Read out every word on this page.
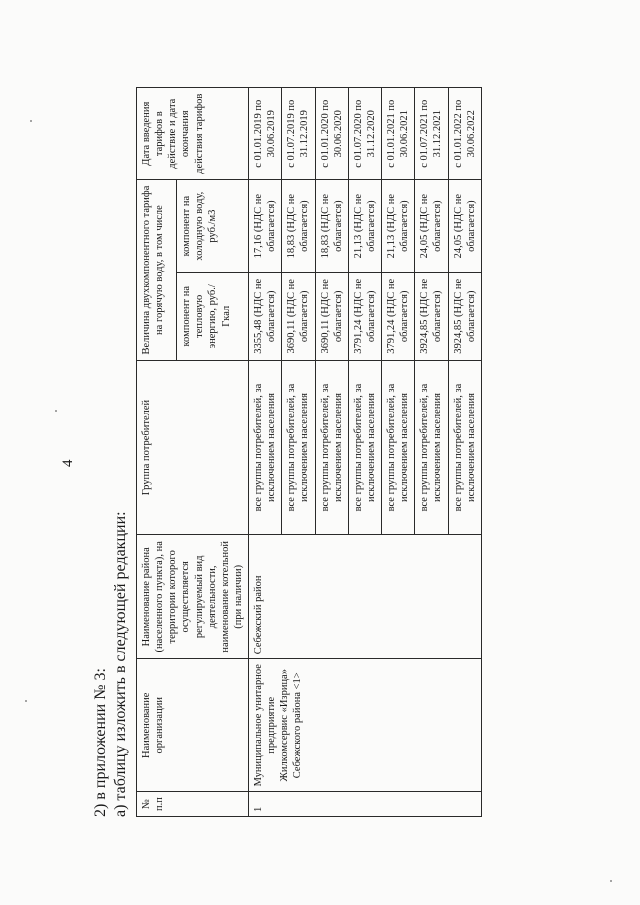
4
2) в приложении № 3: а) таблицу изложить в следующей редакции: № п.п	Наименование организации	Наименование района (населенного пункта), на территории которого осуществляется регулируемый вид деятельности, наименование котельной (при наличии)	Группа потребителей	Величина двухкомпонентного тарифа на горячую воду, в том числе		Дата введения тарифов в действие и дата окончания действия тарифов
				компонент на тепловую энергию, руб./Гкал	компонент на холодную воду, руб./м3	
1	Муниципальное унитарное предприятие Жилкомсервис «Изрица» Себежского района <1>	Себежский район	все группы потребителей, за исключением населения	3355,48 (НДС не облагается)	17,16 (НДС не облагается)	с 01.01.2019 по 30.06.2019
			все группы потребителей, за исключением населения	3690,11 (НДС не облагается)	18,83 (НДС не облагается)	с 01.07.2019 по 31.12.2019
			все группы потребителей, за исключением населения	3690,11 (НДС не облагается)	18,83 (НДС не облагается)	с 01.01.2020 по 30.06.2020
			все группы потребителей, за исключением населения	3791,24 (НДС не облагается)	21,13 (НДС не облагается)	с 01.07.2020 по 31.12.2020
			все группы потребителей, за исключением населения	3791,24 (НДС не облагается)	21,13 (НДС не облагается)	с 01.01.2021 по 30.06.2021
			все группы потребителей, за исключением населения	3924,85 (НДС не облагается)	24,05 (НДС не облагается)	с 01.07.2021 по 31.12.2021
			все группы потребителей, за исключением населения	3924,85 (НДС не облагается)	24,05 (НДС не облагается)	с 01.01.2022 по 30.06.2022
